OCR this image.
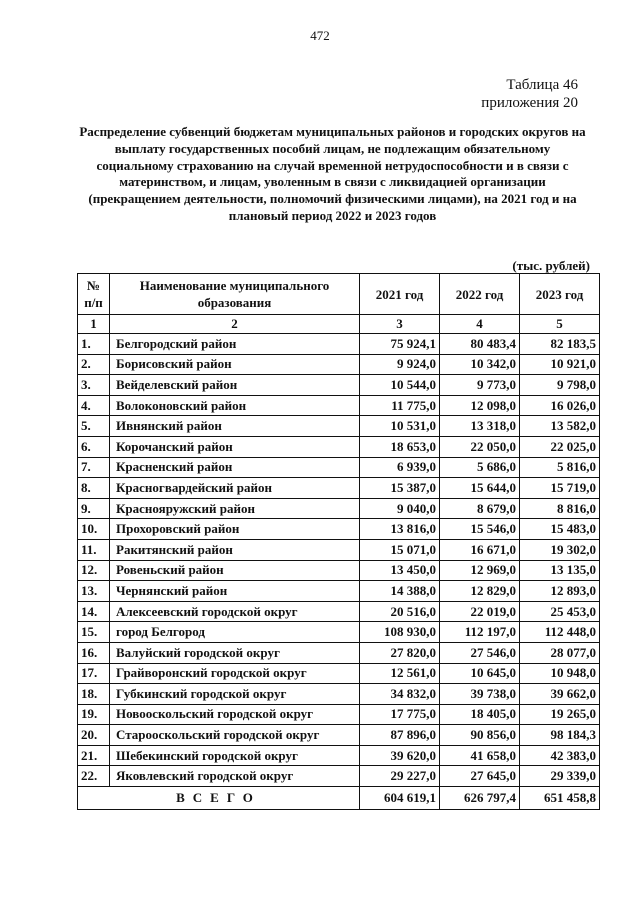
472
Таблица 46
приложения 20
Распределение субвенций бюджетам муниципальных районов и городских округов на выплату государственных пособий лицам, не подлежащим обязательному социальному страхованию на случай временной нетрудоспособности и в связи с материнством, и лицам, уволенным в связи с ликвидацией организации (прекращением деятельности, полномочий физическими лицами), на 2021 год и на плановый период 2022 и 2023 годов
(тыс. рублей)
№ п/п	Наименование муниципального образования	2021 год	2022 год	2023 год
1	2	3	4	5
1.	Белгородский район	75 924,1	80 483,4	82 183,5
2.	Борисовский район	9 924,0	10 342,0	10 921,0
3.	Вейделевский район	10 544,0	9 773,0	9 798,0
4.	Волоконовский район	11 775,0	12 098,0	16 026,0
5.	Ивнянский район	10 531,0	13 318,0	13 582,0
6.	Корочанский район	18 653,0	22 050,0	22 025,0
7.	Красненский район	6 939,0	5 686,0	5 816,0
8.	Красногвардейский район	15 387,0	15 644,0	15 719,0
9.	Краснояружский район	9 040,0	8 679,0	8 816,0
10.	Прохоровский район	13 816,0	15 546,0	15 483,0
11.	Ракитянский район	15 071,0	16 671,0	19 302,0
12.	Ровеньский район	13 450,0	12 969,0	13 135,0
13.	Чернянский район	14 388,0	12 829,0	12 893,0
14.	Алексеевский городской округ	20 516,0	22 019,0	25 453,0
15.	город Белгород	108 930,0	112 197,0	112 448,0
16.	Валуйский городской округ	27 820,0	27 546,0	28 077,0
17.	Грайворонский городской округ	12 561,0	10 645,0	10 948,0
18.	Губкинский городской округ	34 832,0	39 738,0	39 662,0
19.	Новооскольский городской округ	17 775,0	18 405,0	19 265,0
20.	Старооскольский городской округ	87 896,0	90 856,0	98 184,3
21.	Шебекинский городской округ	39 620,0	41 658,0	42 383,0
22.	Яковлевский городской округ	29 227,0	27 645,0	29 339,0
ВСЕГО		604 619,1	626 797,4	651 458,8
